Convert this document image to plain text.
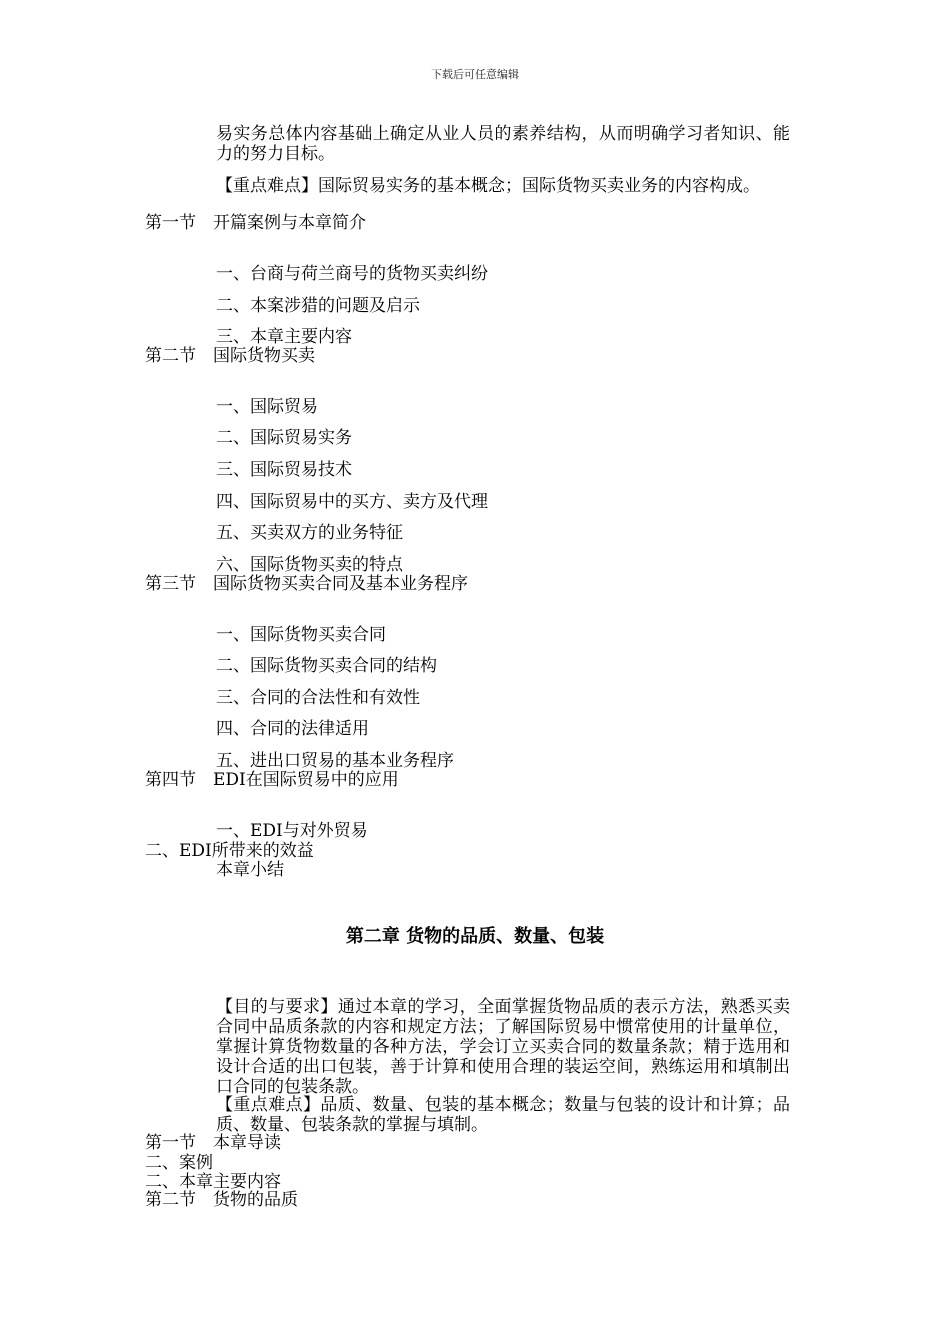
下载后可任意编辑
易实务总体内容基础上确定从业人员的素养结构，从而明确学习者知识、能力的努力目标。
【重点难点】国际贸易实务的基本概念；国际货物买卖业务的内容构成。
第一节　开篇案例与本章简介
一、台商与荷兰商号的货物买卖纠纷
二、本案涉猎的问题及启示
三、本章主要内容
第二节　国际货物买卖
一、国际贸易
二、国际贸易实务
三、国际贸易技术
四、国际贸易中的买方、卖方及代理
五、买卖双方的业务特征
六、国际货物买卖的特点
第三节　国际货物买卖合同及基本业务程序
一、国际货物买卖合同
二、国际货物买卖合同的结构
三、合同的合法性和有效性
四、合同的法律适用
五、进出口贸易的基本业务程序
第四节　EDI在国际贸易中的应用
一、EDI与对外贸易
二、EDI所带来的效益
本章小结
第二章 货物的品质、数量、包装
【目的与要求】通过本章的学习，全面掌握货物品质的表示方法，熟悉买卖合同中品质条款的内容和规定方法；了解国际贸易中惯常使用的计量单位，掌握计算货物数量的各种方法，学会订立买卖合同的数量条款；精于选用和设计合适的出口包装，善于计算和使用合理的装运空间，熟练运用和填制出口合同的包装条款。
【重点难点】品质、数量、包装的基本概念；数量与包装的设计和计算；品质、数量、包装条款的掌握与填制。
第一节　本章导读
二、案例
二、本章主要内容
第二节　货物的品质
